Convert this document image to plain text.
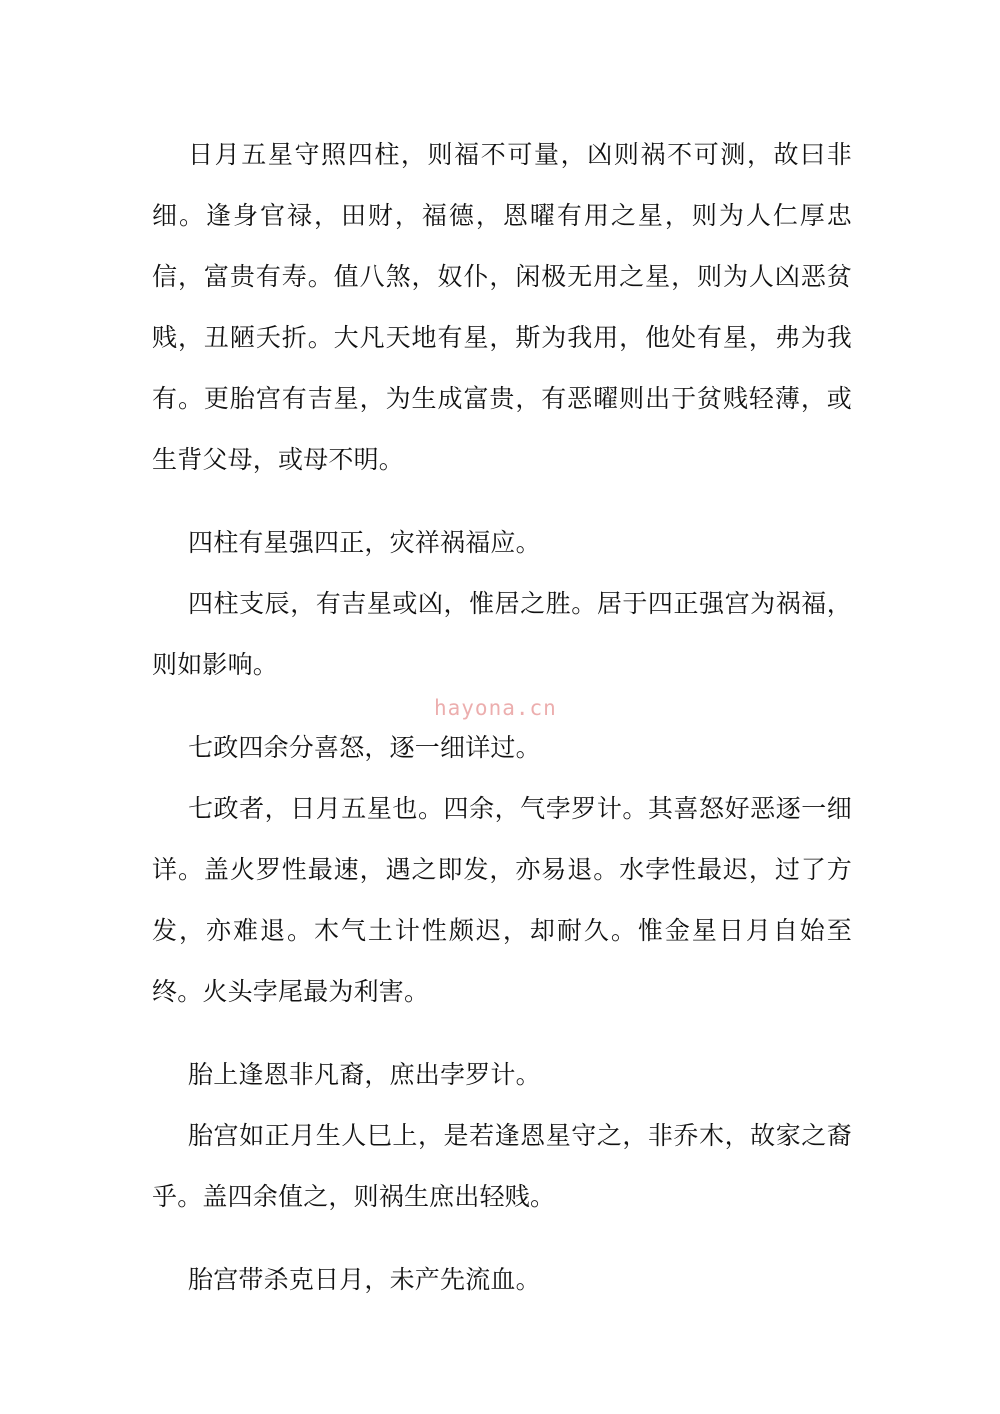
日月五星守照四柱，则福不可量，凶则祸不可测，故曰非细。逢身官禄，田财，福德，恩曜有用之星，则为人仁厚忠信，富贵有寿。值八煞，奴仆，闲极无用之星，则为人凶恶贫贱，丑陋夭折。大凡天地有星，斯为我用，他处有星，弗为我有。更胎宫有吉星，为生成富贵，有恶曜则出于贫贱轻薄，或生背父母，或母不明。

四柱有星强四正，灾祥祸福应。

四柱支辰，有吉星或凶，惟居之胜。居于四正强宫为祸福，则如影响。

七政四余分喜怒，逐一细详过。

七政者，日月五星也。四余，气孛罗计。其喜怒好恶逐一细详。盖火罗性最速，遇之即发，亦易退。水孛性最迟，过了方发，亦难退。木气土计性颇迟，却耐久。惟金星日月自始至终。火头孛尾最为利害。

胎上逢恩非凡裔，庶出孛罗计。

胎宫如正月生人巳上，是若逢恩星守之，非乔木，故家之裔乎。盖四余值之，则祸生庶出轻贱。

胎宫带杀克日月，未产先流血。

hayona.cn
